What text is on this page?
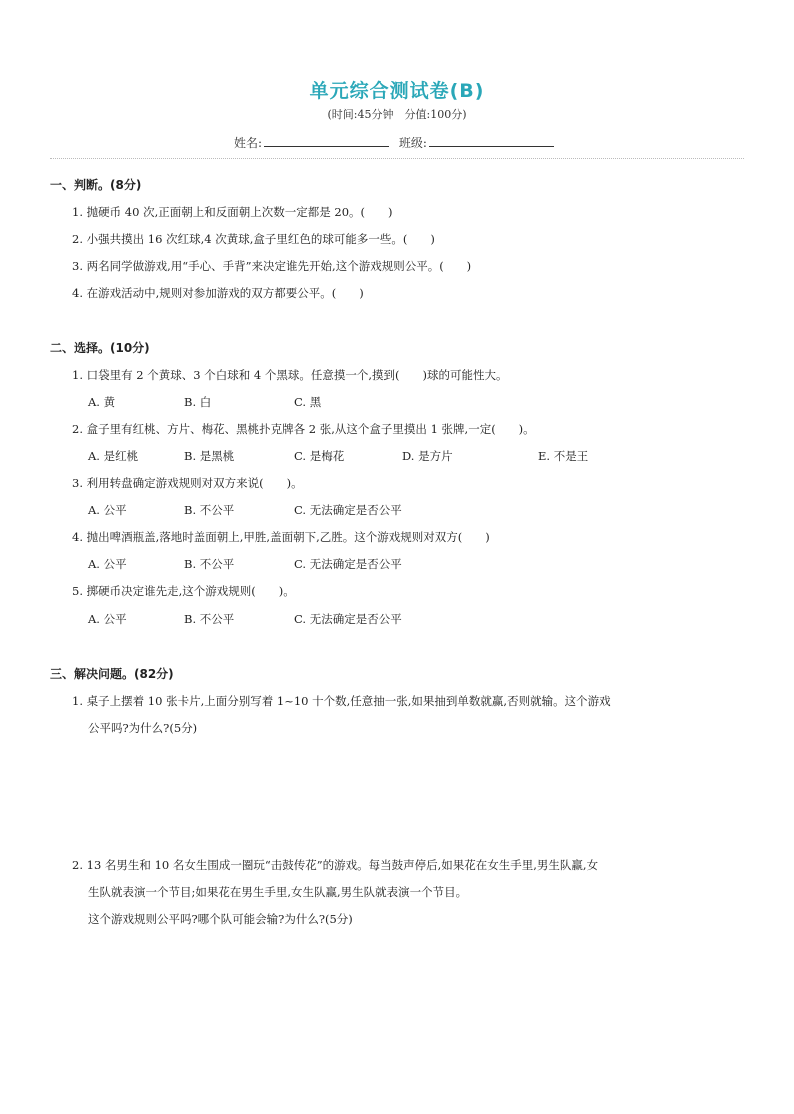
单元综合测试卷(B)
(时间:45分钟　分值:100分)
姓名:	班级:
一、判断。(8分)
1. 抛硬币 40 次,正面朝上和反面朝上次数一定都是 20。(　　)
2. 小强共摸出 16 次红球,4 次黄球,盒子里红色的球可能多一些。(　　)
3. 两名同学做游戏,用“手心、手背”来决定谁先开始,这个游戏规则公平。(　　)
4. 在游戏活动中,规则对参加游戏的双方都要公平。(　　)
二、选择。(10分)
1. 口袋里有 2 个黄球、3 个白球和 4 个黑球。任意摸一个,摸到(　　)球的可能性大。
A. 黄	B. 白	C. 黑
2. 盒子里有红桃、方片、梅花、黑桃扑克牌各 2 张,从这个盒子里摸出 1 张牌,一定(　　)。
A. 是红桃	B. 是黑桃	C. 是梅花	D. 是方片	E. 不是王
3. 利用转盘确定游戏规则对双方来说(　　)。
A. 公平	B. 不公平	C. 无法确定是否公平
4. 抛出啤酒瓶盖,落地时盖面朝上,甲胜,盖面朝下,乙胜。这个游戏规则对双方(　　)
A. 公平	B. 不公平	C. 无法确定是否公平
5. 掷硬币决定谁先走,这个游戏规则(　　)。
A. 公平	B. 不公平	C. 无法确定是否公平
三、解决问题。(82分)
1. 桌子上摆着 10 张卡片,上面分别写着 1~10 十个数,任意抽一张,如果抽到单数就赢,否则就输。这个游戏
公平吗?为什么?(5分)
2. 13 名男生和 10 名女生围成一圈玩“击鼓传花”的游戏。每当鼓声停后,如果花在女生手里,男生队赢,女
生队就表演一个节目;如果花在男生手里,女生队赢,男生队就表演一个节目。
这个游戏规则公平吗?哪个队可能会输?为什么?(5分)
